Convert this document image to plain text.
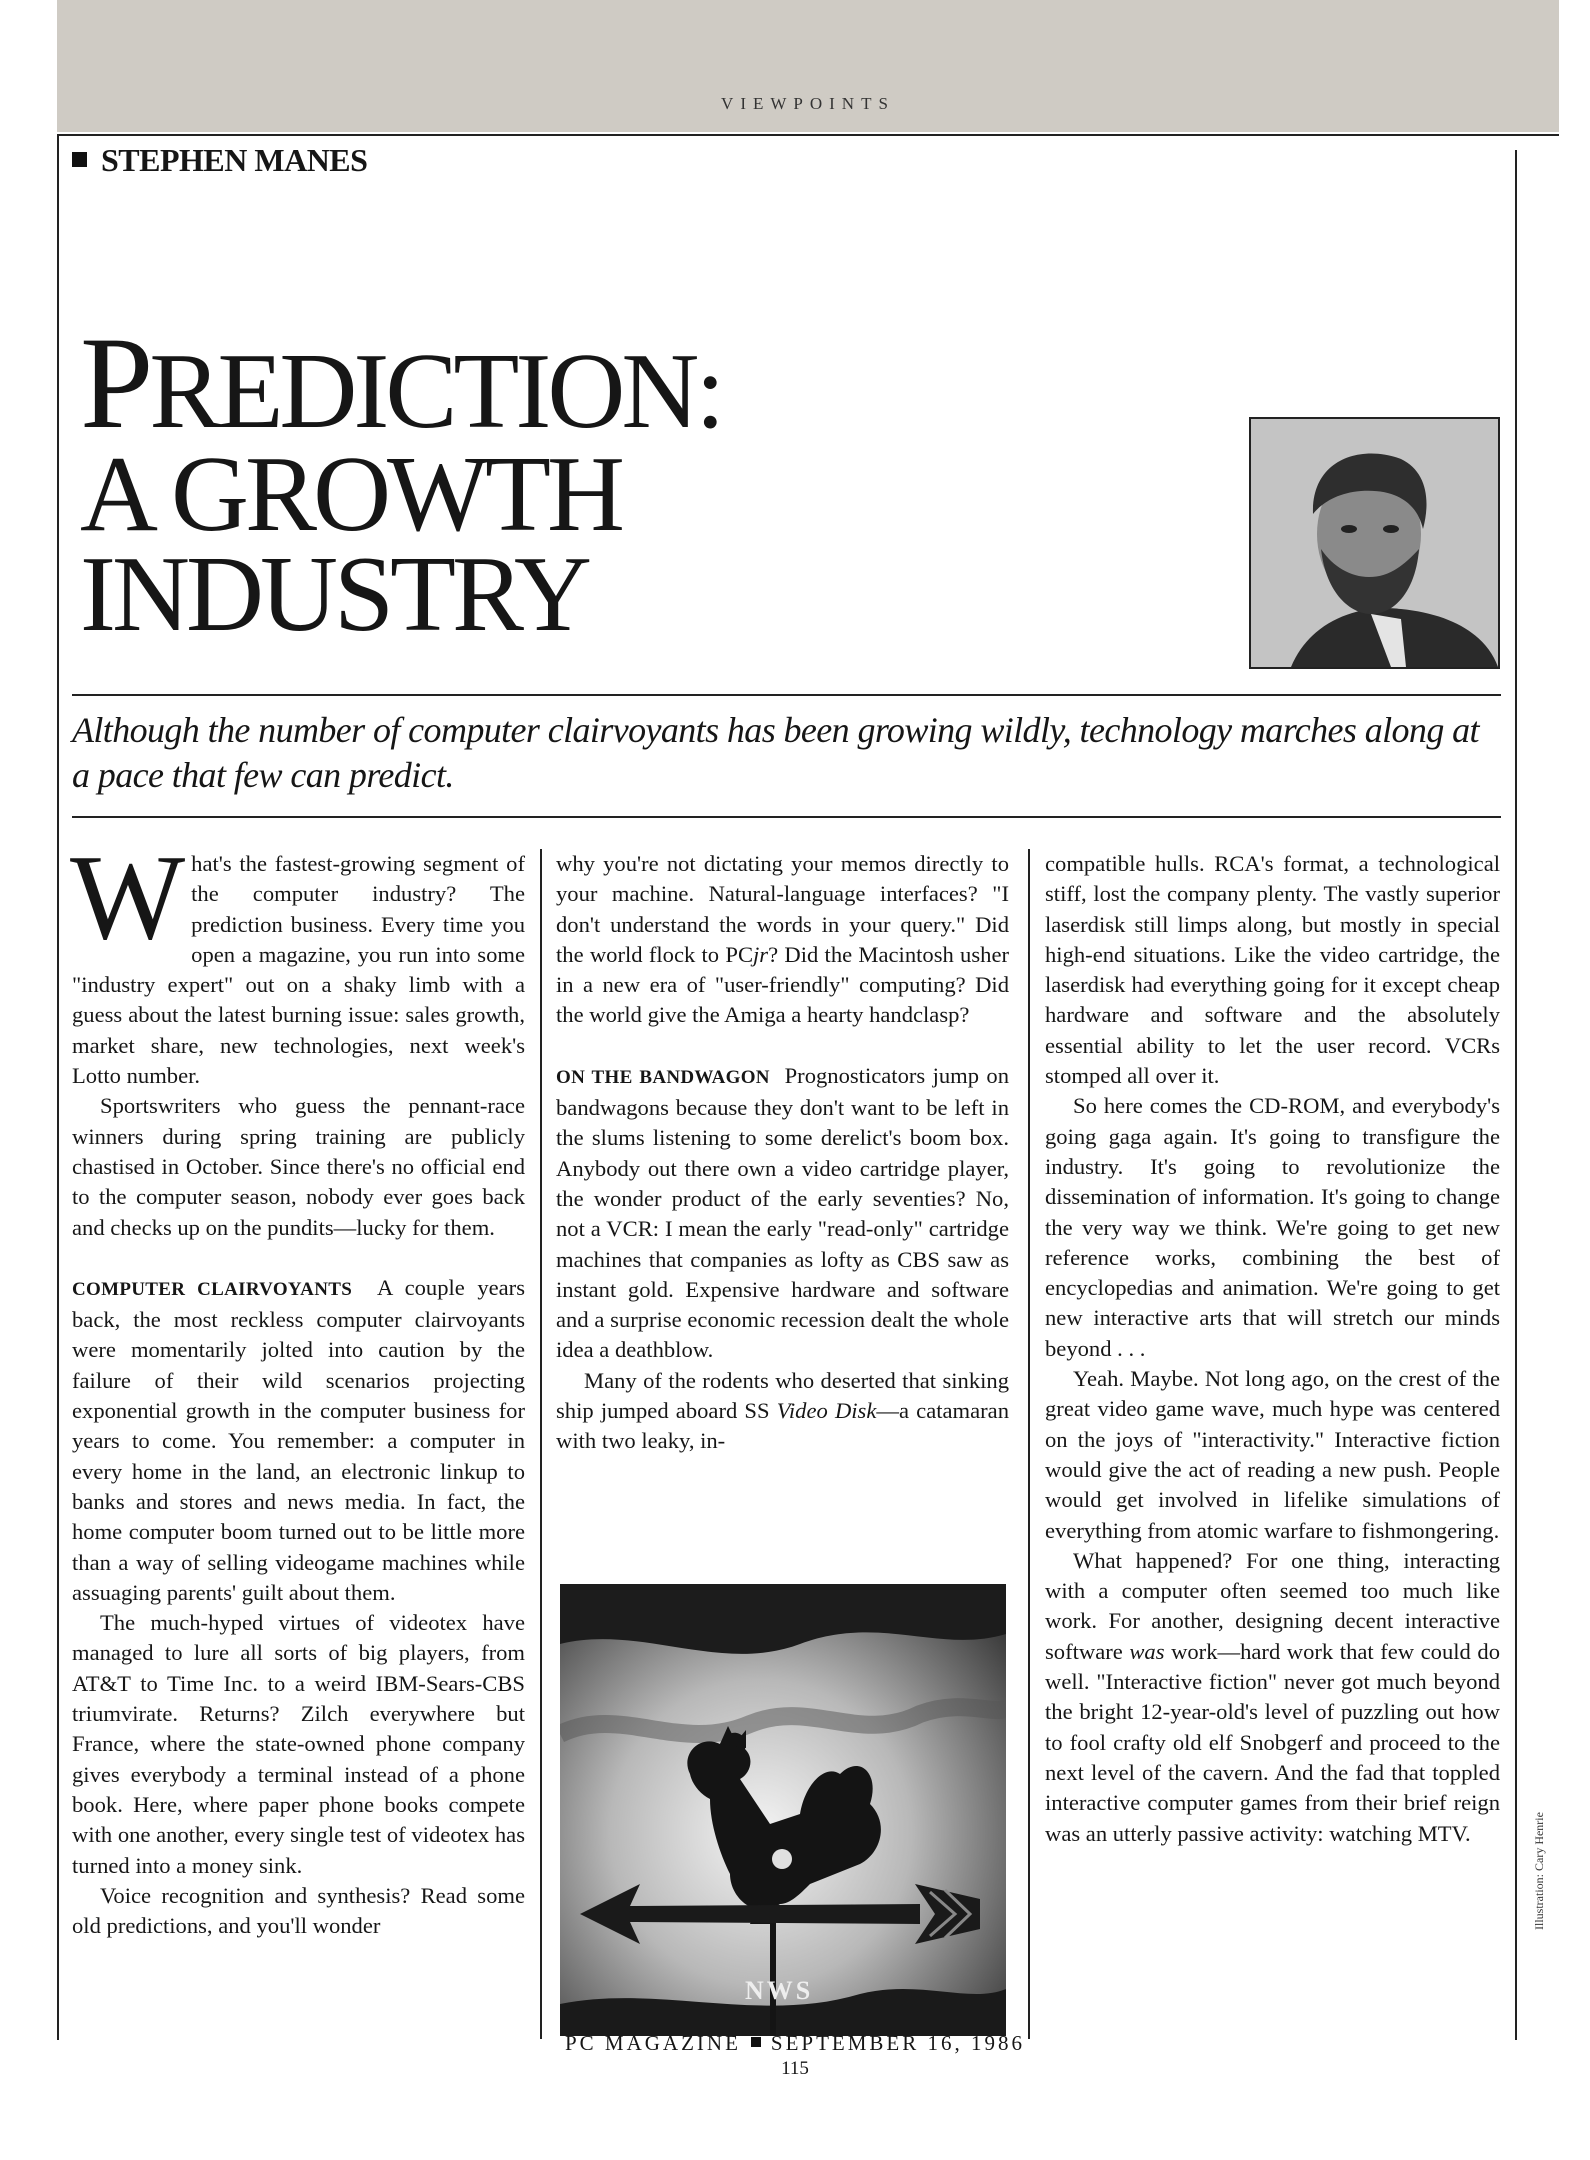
VIEWPOINTS
STEPHEN MANES
PREDICTION:
A GROWTH
INDUSTRY
Although the number of computer clairvoyants has been growing wildly, technology marches along at a pace that few can predict.

What's the fastest-growing segment of the computer industry? The prediction business. Every time you open a magazine, you run into some "industry expert" out on a shaky limb with a guess about the latest burning issue: sales growth, market share, new technologies, next week's Lotto number.

Sportswriters who guess the pennant-race winners during spring training are publicly chastised in October. Since there's no official end to the computer season, nobody ever goes back and checks up on the pundits—lucky for them.

COMPUTER CLAIRVOYANTS A couple years back, the most reckless computer clairvoyants were momentarily jolted into caution by the failure of their wild scenarios projecting exponential growth in the computer business for years to come. You remember: a computer in every home in the land, an electronic linkup to banks and stores and news media. In fact, the home computer boom turned out to be little more than a way of selling videogame machines while assuaging parents' guilt about them.

The much-hyped virtues of videotex have managed to lure all sorts of big players, from AT&T to Time Inc. to a weird IBM-Sears-CBS triumvirate. Returns? Zilch everywhere but France, where the state-owned phone company gives everybody a terminal instead of a phone book. Here, where paper phone books compete with one another, every single test of videotex has turned into a money sink.

Voice recognition and synthesis? Read some old predictions, and you'll wonder

why you're not dictating your memos directly to your machine. Natural-language interfaces? "I don't understand the words in your query." Did the world flock to PCjr? Did the Macintosh usher in a new era of "user-friendly" computing? Did the world give the Amiga a hearty handclasp?

ON THE BANDWAGON Prognosticators jump on bandwagons because they don't want to be left in the slums listening to some derelict's boom box. Anybody out there own a video cartridge player, the wonder product of the early seventies? No, not a VCR: I mean the early "read-only" cartridge machines that companies as lofty as CBS saw as instant gold. Expensive hardware and software and a surprise economic recession dealt the whole idea a deathblow.

Many of the rodents who deserted that sinking ship jumped aboard SS Video Disk—a catamaran with two leaky, in-

NWS

compatible hulls. RCA's format, a technological stiff, lost the company plenty. The vastly superior laserdisk still limps along, but mostly in special high-end situations. Like the video cartridge, the laserdisk had everything going for it except cheap hardware and software and the absolutely essential ability to let the user record. VCRs stomped all over it.

So here comes the CD-ROM, and everybody's going gaga again. It's going to transfigure the industry. It's going to revolutionize the dissemination of information. It's going to change the very way we think. We're going to get new reference works, combining the best of encyclopedias and animation. We're going to get new interactive arts that will stretch our minds beyond . . .

Yeah. Maybe. Not long ago, on the crest of the great video game wave, much hype was centered on the joys of "interactivity." Interactive fiction would give the act of reading a new push. People would get involved in lifelike simulations of everything from atomic warfare to fishmongering.

What happened? For one thing, interacting with a computer often seemed too much like work. For another, designing decent interactive software was work—hard work that few could do well. "Interactive fiction" never got much beyond the bright 12-year-old's level of puzzling out how to fool crafty old elf Snobgerf and proceed to the next level of the cavern. And the fad that toppled interactive computer games from their brief reign was an utterly passive activity: watching MTV.	Illustration: Cary Henrie
PC MAGAZINE SEPTEMBER 16, 1986
115
